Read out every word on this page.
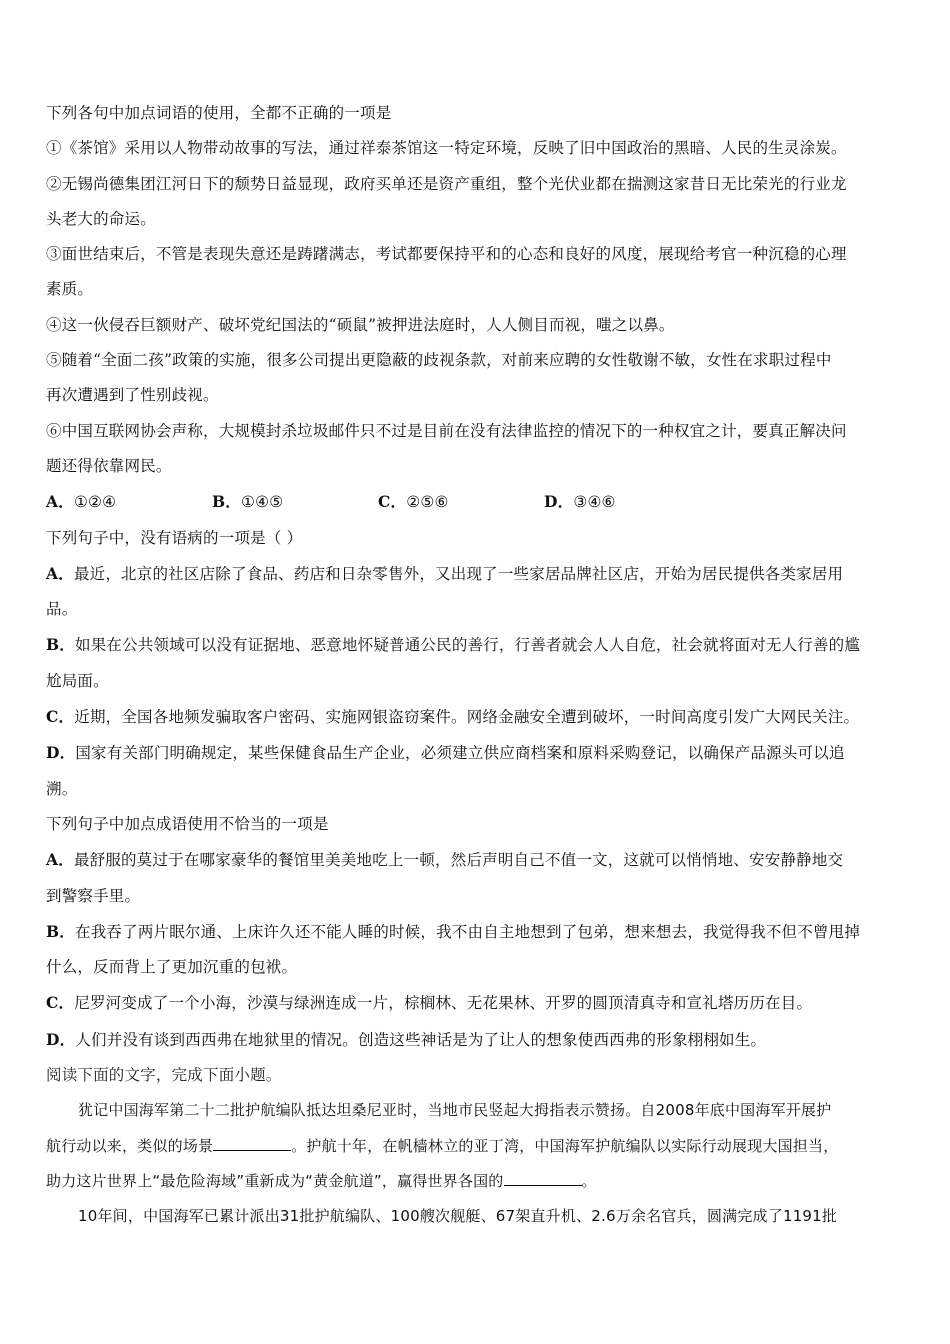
下列各句中加点词语的使用，全都不正确的一项是
①《茶馆》采用以人物带动故事的写法，通过祥泰茶馆这一特定环境，反映了旧中国政治的黑暗、人民的生灵涂炭。
②无锡尚德集团江河日下的颓势日益显现，政府买单还是资产重组，整个光伏业都在揣测这家昔日无比荣光的行业龙
头老大的命运。
③面世结束后，不管是表现失意还是踌躇满志，考试都要保持平和的心态和良好的风度，展现给考官一种沉稳的心理
素质。
④这一伙侵吞巨额财产、破坏党纪国法的“硕鼠”被押进法庭时，人人侧目而视，嗤之以鼻。
⑤随着“全面二孩”政策的实施，很多公司提出更隐蔽的歧视条款，对前来应聘的女性敬谢不敏，女性在求职过程中
再次遭遇到了性别歧视。
⑥中国互联网协会声称，大规模封杀垃圾邮件只不过是目前在没有法律监控的情况下的一种权宜之计，要真正解决问
题还得依靠网民。
A．①②④	B．①④⑤	C．②⑤⑥	D．③④⑥
下列句子中，没有语病的一项是（ ）
A．最近，北京的社区店除了食品、药店和日杂零售外，又出现了一些家居品牌社区店，开始为居民提供各类家居用
品。
B．如果在公共领域可以没有证据地、恶意地怀疑普通公民的善行，行善者就会人人自危，社会就将面对无人行善的尴
尬局面。
C．近期，全国各地频发骗取客户密码、实施网银盗窃案件。网络金融安全遭到破坏，一时间高度引发广大网民关注。
D．国家有关部门明确规定，某些保健食品生产企业，必须建立供应商档案和原料采购登记，以确保产品源头可以追
溯。
下列句子中加点成语使用不恰当的一项是
A．最舒服的莫过于在哪家豪华的餐馆里美美地吃上一顿，然后声明自己不值一文，这就可以悄悄地、安安静静地交
到警察手里。
B．在我吞了两片眠尔通、上床许久还不能人睡的时候，我不由自主地想到了包弟，想来想去，我觉得我不但不曾甩掉
什么，反而背上了更加沉重的包袱。
C．尼罗河变成了一个小海，沙漠与绿洲连成一片，棕榈林、无花果林、开罗的圆顶清真寺和宣礼塔历历在目。
D．人们并没有谈到西西弗在地狱里的情况。创造这些神话是为了让人的想象使西西弗的形象栩栩如生。
阅读下面的文字，完成下面小题。
犹记中国海军第二十二批护航编队抵达坦桑尼亚时，当地市民竖起大拇指表示赞扬。自2008年底中国海军开展护
航行动以来，类似的场景	。护航十年，在帆樯林立的亚丁湾，中国海军护航编队以实际行动展现大国担当，
助力这片世界上“最危险海域”重新成为“黄金航道”，赢得世界各国的	。
10年间，中国海军已累计派出31批护航编队、100艘次舰艇、67架直升机、2.6万余名官兵，圆满完成了1191批
